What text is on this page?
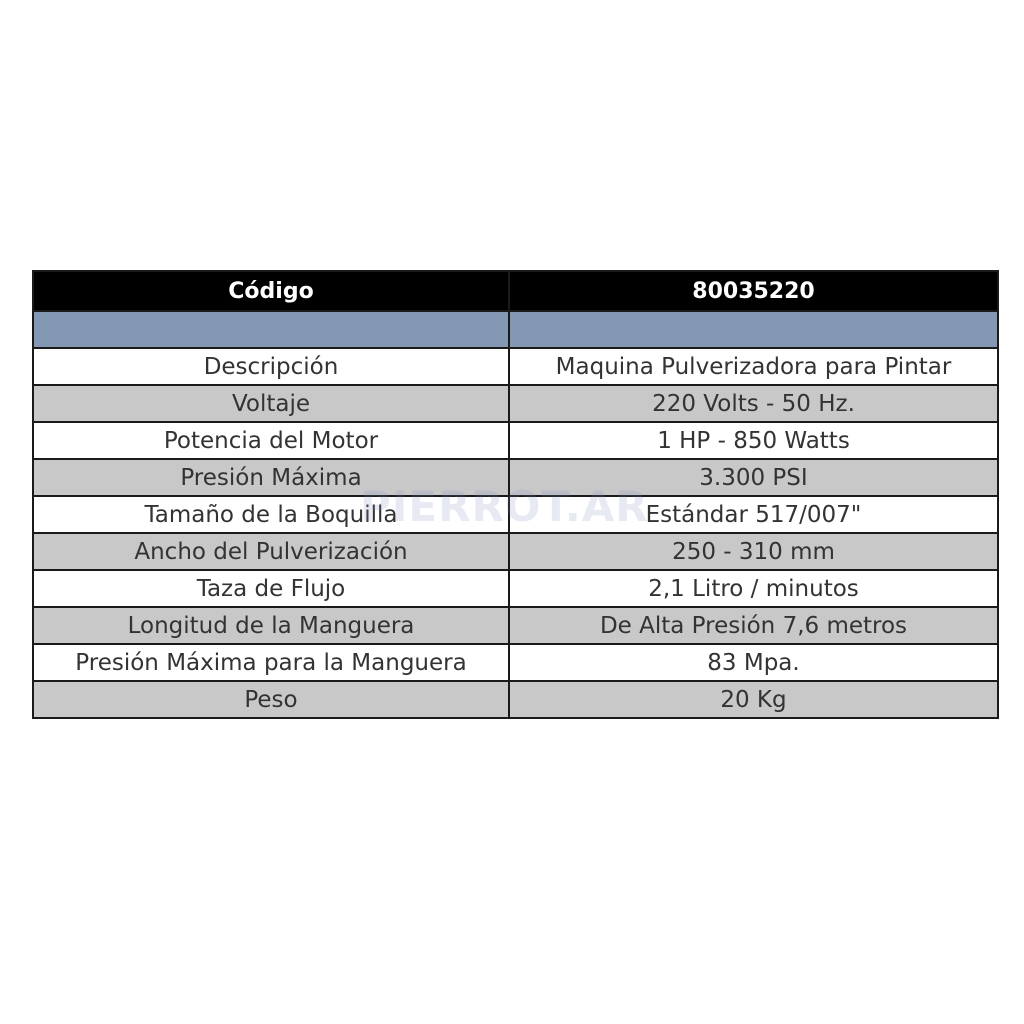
Código	80035220

Descripción	Maquina Pulverizadora para Pintar
Voltaje	220 Volts - 50 Hz.
Potencia del Motor	1 HP - 850 Watts
Presión Máxima	3.300 PSI
Tamaño de la Boquilla	Estándar 517/007"
Ancho del Pulverización	250 - 310 mm
Taza de Flujo	2,1 Litro / minutos
Longitud de la Manguera	De Alta Presión 7,6 metros
Presión Máxima para la Manguera	83 Mpa.
Peso	20 Kg
